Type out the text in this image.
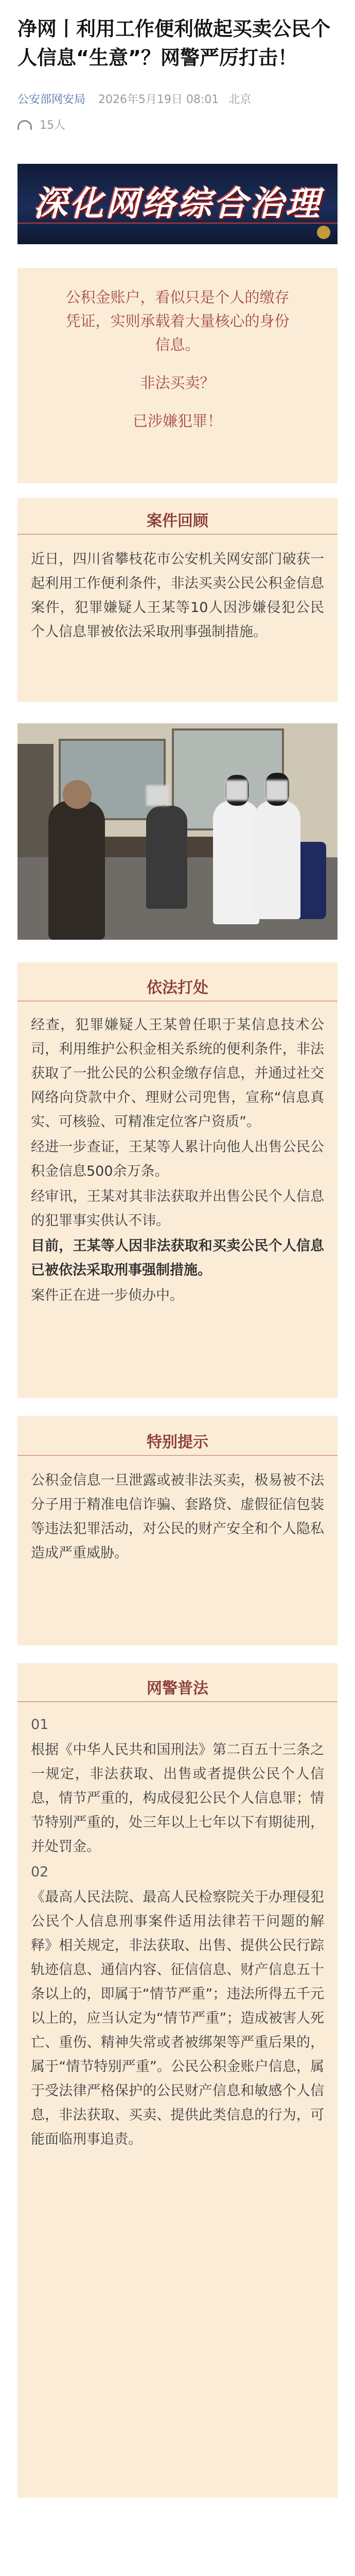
净网丨利用工作便利做起买卖公民个人信息“生意”？网警严厉打击！
公安部网安局 2026年5月19日 08:01 北京
15人
深化网络综合治理

公积金账户，看似只是个人的缴存

凭证，实则承载着大量核心的身份

信息。

非法买卖？

已涉嫌犯罪！

案件回顾

近日，四川省攀枝花市公安机关网安部门破获一起利用工作便利条件，非法买卖公民公积金信息案件，犯罪嫌疑人王某等10人因涉嫌侵犯公民个人信息罪被依法采取刑事强制措施。

依法打处

经查，犯罪嫌疑人王某曾任职于某信息技术公司，利用维护公积金相关系统的便利条件，非法获取了一批公民的公积金缴存信息，并通过社交网络向贷款中介、理财公司兜售，宣称“信息真实、可核验、可精准定位客户资质”。

经进一步查证，王某等人累计向他人出售公民公积金信息500余万条。

经审讯，王某对其非法获取并出售公民个人信息的犯罪事实供认不讳。

目前，王某等人因非法获取和买卖公民个人信息已被依法采取刑事强制措施。

案件正在进一步侦办中。

特别提示

公积金信息一旦泄露或被非法买卖，极易被不法分子用于精准电信诈骗、套路贷、虚假征信包装等违法犯罪活动，对公民的财产安全和个人隐私造成严重威胁。

网警普法

01

根据《中华人民共和国刑法》第二百五十三条之一规定，非法获取、出售或者提供公民个人信息，情节严重的，构成侵犯公民个人信息罪；情节特别严重的，处三年以上七年以下有期徒刑，并处罚金。

02

《最高人民法院、最高人民检察院关于办理侵犯公民个人信息刑事案件适用法律若干问题的解释》相关规定，非法获取、出售、提供公民行踪轨迹信息、通信内容、征信信息、财产信息五十条以上的，即属于“情节严重”；违法所得五千元以上的，应当认定为“情节严重”；造成被害人死亡、重伤、精神失常或者被绑架等严重后果的，属于“情节特别严重”。公民公积金账户信息，属于受法律严格保护的公民财产信息和敏感个人信息，非法获取、买卖、提供此类信息的行为，可能面临刑事追责。
